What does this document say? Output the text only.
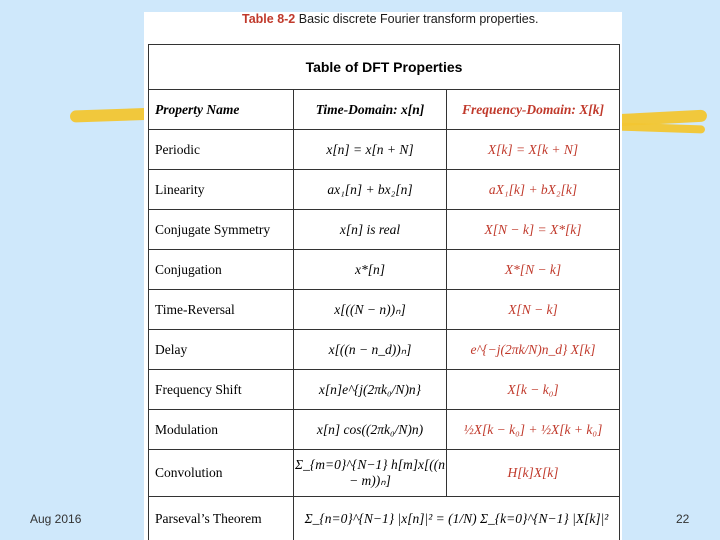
Table 8-2 Basic discrete Fourier transform properties.
Table of DFT Properties		
Property Name	Time-Domain: x[n]	Frequency-Domain: X[k]
Periodic	x[n] = x[n + N]	X[k] = X[k + N]
Linearity	ax₁[n] + bx₂[n]	aX₁[k] + bX₂[k]
Conjugate Symmetry	x[n] is real	X[N − k] = X*[k]
Conjugation	x*[n]	X*[N − k]
Time-Reversal	x[((N − n))ₙ]	X[N − k]
Delay	x[((n − n_d))ₙ]	e^{−j(2πk/N)n_d} X[k]
Frequency Shift	x[n]e^{j(2πk₀/N)n}	X[k − k₀]
Modulation	x[n] cos((2πk₀/N)n)	½X[k − k₀] + ½X[k + k₀]
Convolution	Σ_{m=0}^{N−1} h[m]x[((n − m))ₙ]	H[k]X[k]
Parseval’s Theorem	Σ_{n=0}^{N−1} |x[n]|² = (1/N) Σ_{k=0}^{N−1} |X[k]|²	
Aug 2016	22
